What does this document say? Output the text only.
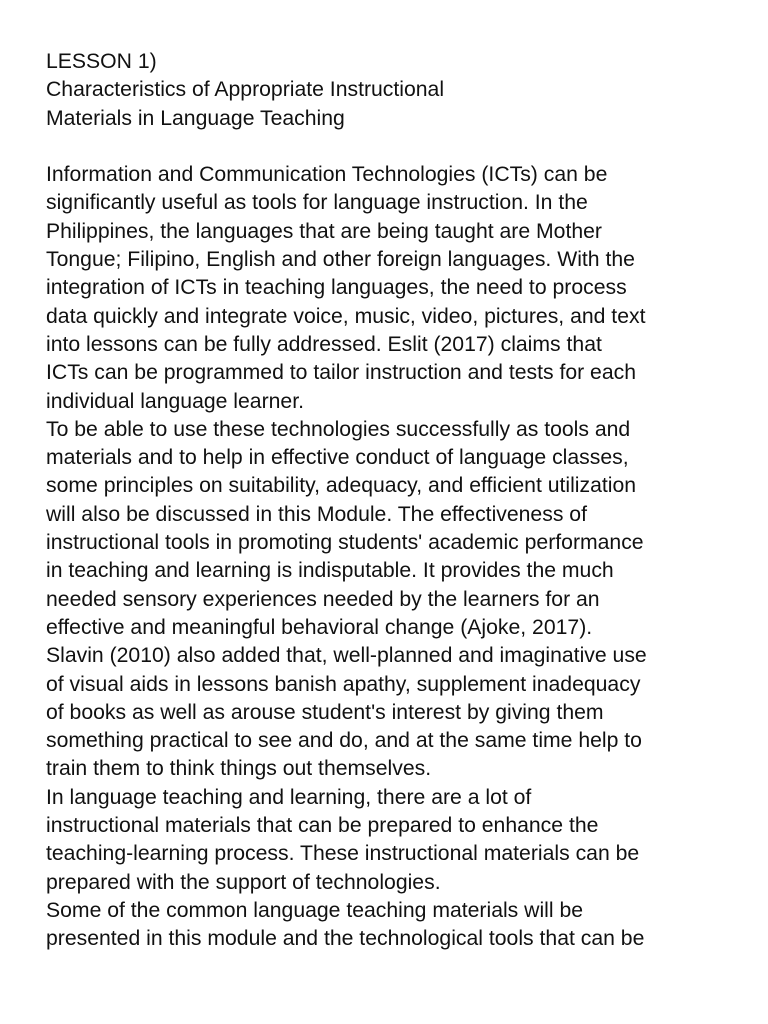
LESSON 1)
Characteristics of Appropriate Instructional
Materials in Language Teaching
Information and Communication Technologies (ICTs) can be
significantly useful as tools for language instruction. In the
Philippines, the languages that are being taught are Mother
Tongue; Filipino, English and other foreign languages. With the
integration of ICTs in teaching languages, the need to process
data quickly and integrate voice, music, video, pictures, and text
into lessons can be fully addressed. Eslit (2017) claims that
ICTs can be programmed to tailor instruction and tests for each
individual language learner.
To be able to use these technologies successfully as tools and
materials and to help in effective conduct of language classes,
some principles on suitability, adequacy, and efficient utilization
will also be discussed in this Module. The effectiveness of
instructional tools in promoting students' academic performance
in teaching and learning is indisputable. It provides the much
needed sensory experiences needed by the learners for an
effective and meaningful behavioral change (Ajoke, 2017).
Slavin (2010) also added that, well-planned and imaginative use
of visual aids in lessons banish apathy, supplement inadequacy
of books as well as arouse student's interest by giving them
something practical to see and do, and at the same time help to
train them to think things out themselves.
In language teaching and learning, there are a lot of
instructional materials that can be prepared to enhance the
teaching-learning process. These instructional materials can be
prepared with the support of technologies.
Some of the common language teaching materials will be
presented in this module and the technological tools that can be
